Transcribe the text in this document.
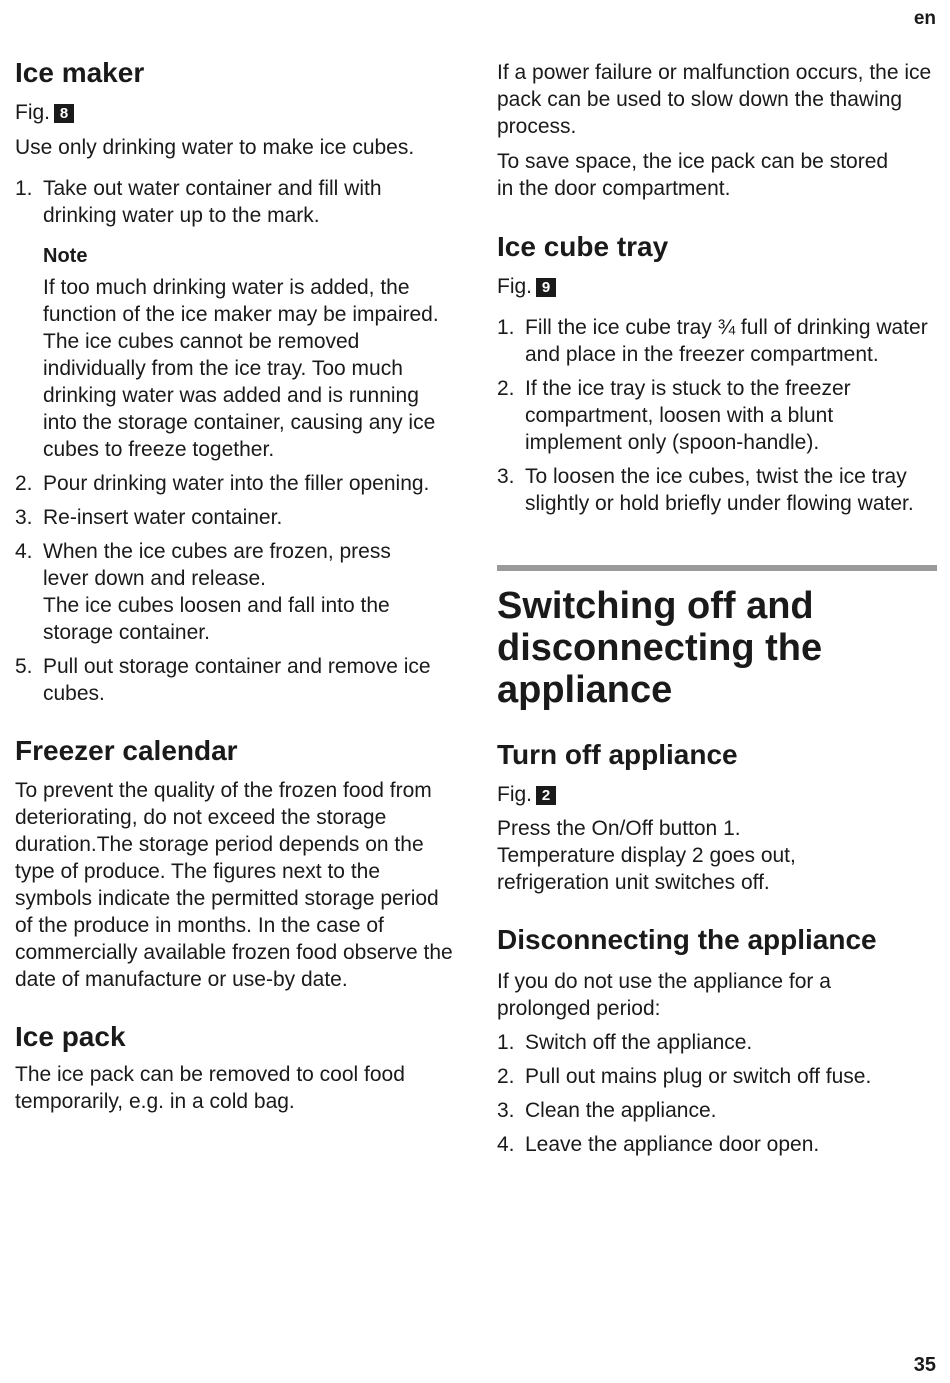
en
Ice maker
Fig. 8

Use only drinking water to make ice cubes.

1. Take out water container and fill with drinking water up to the mark.
Note

If too much drinking water is added, the function of the ice maker may be impaired. The ice cubes cannot be removed individually from the ice tray. Too much drinking water was added and is running into the storage container, causing any ice cubes to freeze together.

2. Pour drinking water into the filler opening.
3. Re-insert water container.
4. When the ice cubes are frozen, press lever down and release.
The ice cubes loosen and fall into the storage container.
5. Pull out storage container and remove ice cubes.
Freezer calendar

To prevent the quality of the frozen food from deteriorating, do not exceed the storage duration.The storage period depends on the type of produce. The figures next to the symbols indicate the permitted storage period of the produce in months. In the case of commercially available frozen food observe the date of manufacture or use-by date.

Ice pack

The ice pack can be removed to cool food temporarily, e.g. in a cold bag.

If a power failure or malfunction occurs, the ice pack can be used to slow down the thawing process.

To save space, the ice pack can be stored in the door compartment.

Ice cube tray
Fig. 9
1. Fill the ice cube tray ¾ full of drinking water and place in the freezer compartment.
2. If the ice tray is stuck to the freezer compartment, loosen with a blunt implement only (spoon-handle).
3. To loosen the ice cubes, twist the ice tray slightly or hold briefly under flowing water.
Switching off and disconnecting the appliance
Turn off appliance
Fig. 2

Press the On/Off button 1. Temperature display 2 goes out, refrigeration unit switches off.

Disconnecting the appliance

If you do not use the appliance for a prolonged period:

1. Switch off the appliance.
2. Pull out mains plug or switch off fuse.
3. Clean the appliance.
4. Leave the appliance door open.
35
